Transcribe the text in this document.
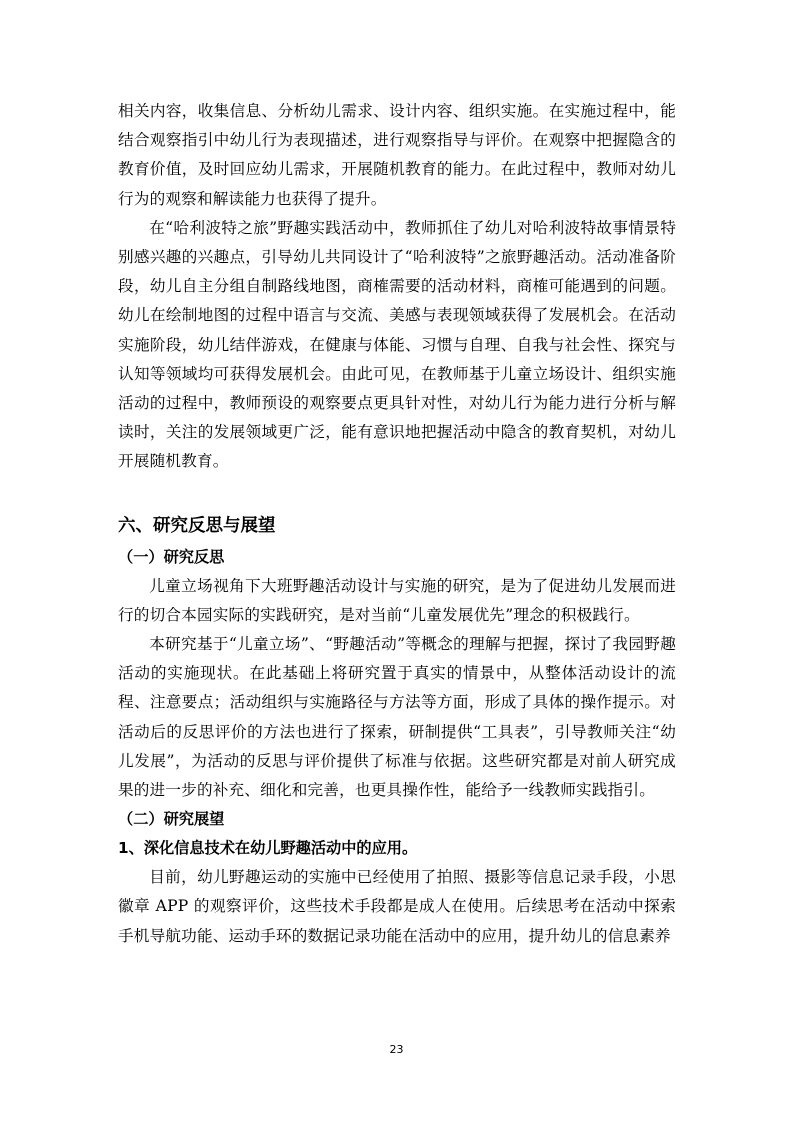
相关内容，收集信息、分析幼儿需求、设计内容、组织实施。在实施过程中，能结合观察指引中幼儿行为表现描述，进行观察指导与评价。在观察中把握隐含的教育价值，及时回应幼儿需求，开展随机教育的能力。在此过程中，教师对幼儿行为的观察和解读能力也获得了提升。

在“哈利波特之旅”野趣实践活动中，教师抓住了幼儿对哈利波特故事情景特别感兴趣的兴趣点，引导幼儿共同设计了“哈利波特”之旅野趣活动。活动准备阶段，幼儿自主分组自制路线地图，商榷需要的活动材料，商榷可能遇到的问题。幼儿在绘制地图的过程中语言与交流、美感与表现领域获得了发展机会。在活动实施阶段，幼儿结伴游戏，在健康与体能、习惯与自理、自我与社会性、探究与认知等领域均可获得发展机会。由此可见，在教师基于儿童立场设计、组织实施活动的过程中，教师预设的观察要点更具针对性，对幼儿行为能力进行分析与解读时，关注的发展领域更广泛，能有意识地把握活动中隐含的教育契机，对幼儿开展随机教育。

六、研究反思与展望
（一）研究反思

儿童立场视角下大班野趣活动设计与实施的研究，是为了促进幼儿发展而进行的切合本园实际的实践研究，是对当前“儿童发展优先”理念的积极践行。

本研究基于“儿童立场”、“野趣活动”等概念的理解与把握，探讨了我园野趣活动的实施现状。在此基础上将研究置于真实的情景中，从整体活动设计的流程、注意要点；活动组织与实施路径与方法等方面，形成了具体的操作提示。对活动后的反思评价的方法也进行了探索，研制提供“工具表”，引导教师关注“幼儿发展”，为活动的反思与评价提供了标准与依据。这些研究都是对前人研究成果的进一步的补充、细化和完善，也更具操作性，能给予一线教师实践指引。

（二）研究展望
1、深化信息技术在幼儿野趣活动中的应用。

目前，幼儿野趣运动的实施中已经使用了拍照、摄影等信息记录手段，小思徽章 APP 的观察评价，这些技术手段都是成人在使用。后续思考在活动中探索手机导航功能、运动手环的数据记录功能在活动中的应用，提升幼儿的信息素养

23
